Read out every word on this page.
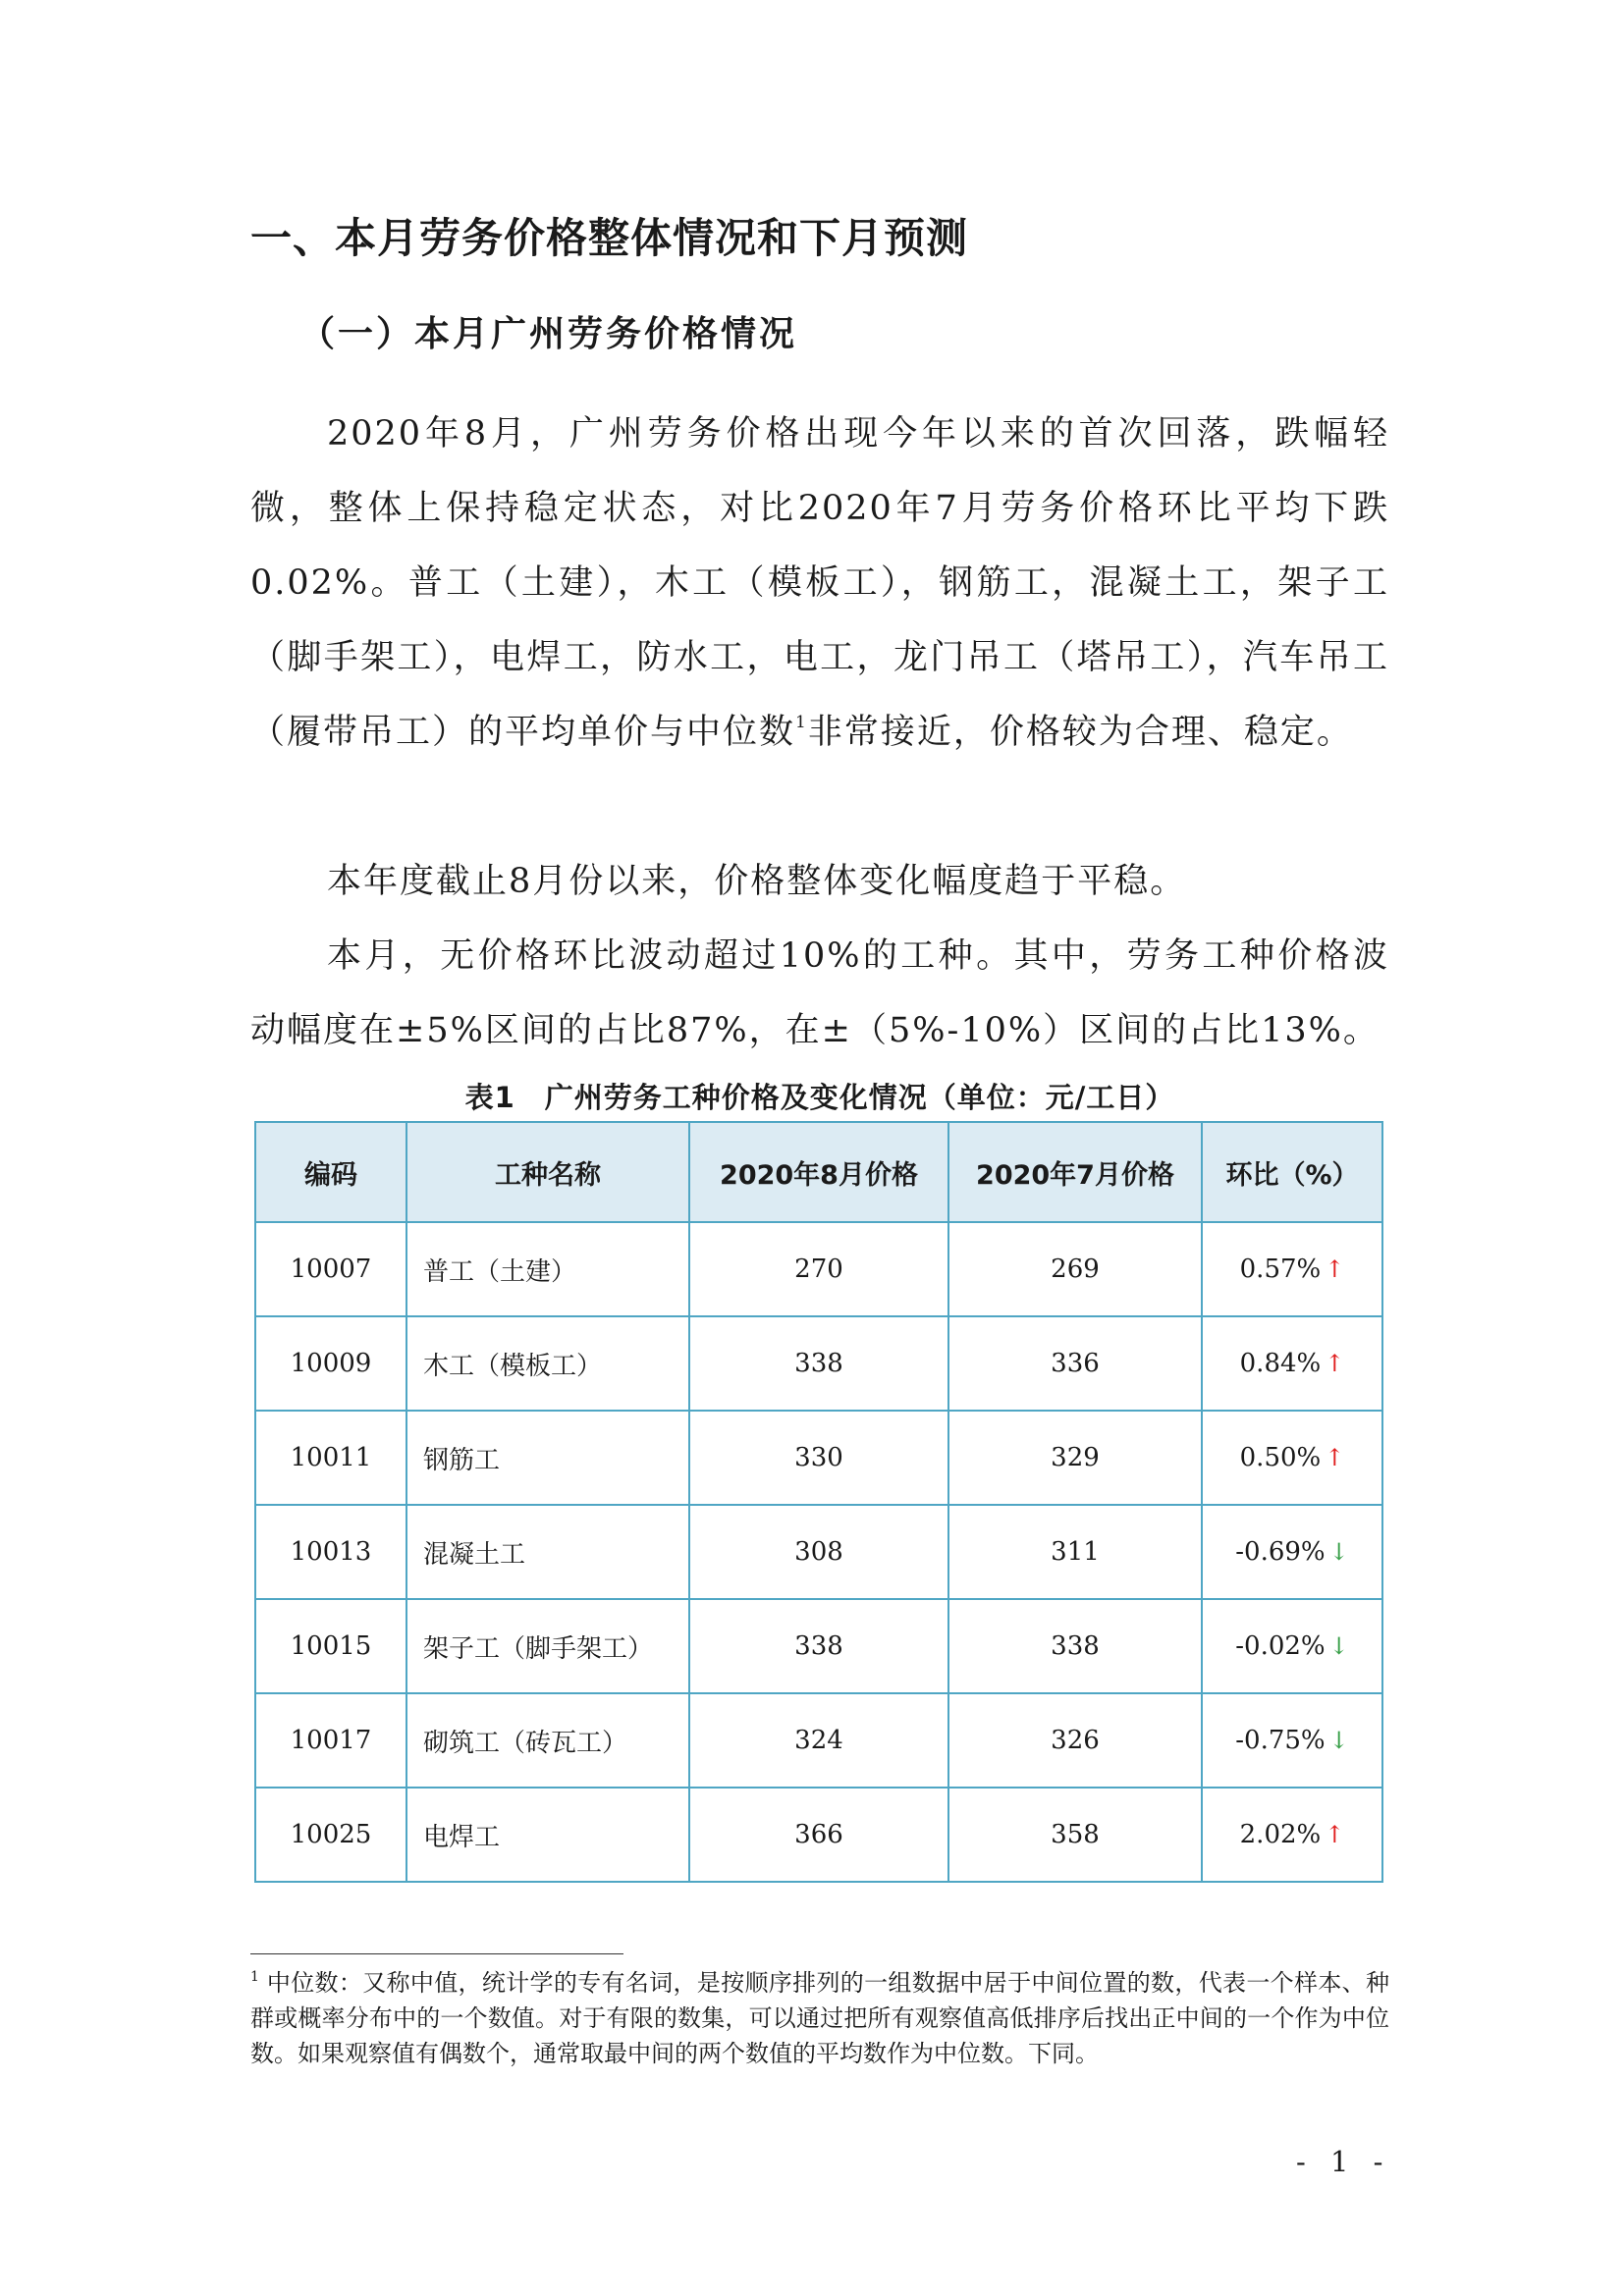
一、本月劳务价格整体情况和下月预测
（一）本月广州劳务价格情况

2020年8月，广州劳务价格出现今年以来的首次回落，跌幅轻微，整体上保持稳定状态，对比2020年7月劳务价格环比平均下跌0.02%。普工（土建），木工（模板工），钢筋工，混凝土工，架子工（脚手架工），电焊工，防水工，电工，龙门吊工（塔吊工），汽车吊工（履带吊工）的平均单价与中位数$^1$非常接近，价格较为合理、稳定。

本年度截止8月份以来，价格整体变化幅度趋于平稳。

本月，无价格环比波动超过10%的工种。其中，劳务工种价格波动幅度在±5%区间的占比87%，在±（5%-10%）区间的占比13%。

表1　广州劳务工种价格及变化情况（单位：元/工日）
编码	工种名称	2020年8月价格	2020年7月价格	环比（%）
10007	普工（土建）	270	269	0.57% ↑
10009	木工（模板工）	338	336	0.84% ↑
10011	钢筋工	330	329	0.50% ↑
10013	混凝土工	308	311	-0.69% ↓
10015	架子工（脚手架工）	338	338	-0.02% ↓
10017	砌筑工（砖瓦工）	324	326	-0.75% ↓
10025	电焊工	366	358	2.02% ↑

$^1$ 中位数：又称中值，统计学的专有名词，是按顺序排列的一组数据中居于中间位置的数，代表一个样本、种群或概率分布中的一个数值。对于有限的数集，可以通过把所有观察值高低排序后找出正中间的一个作为中位数。如果观察值有偶数个，通常取最中间的两个数值的平均数作为中位数。下同。

- 1 -
